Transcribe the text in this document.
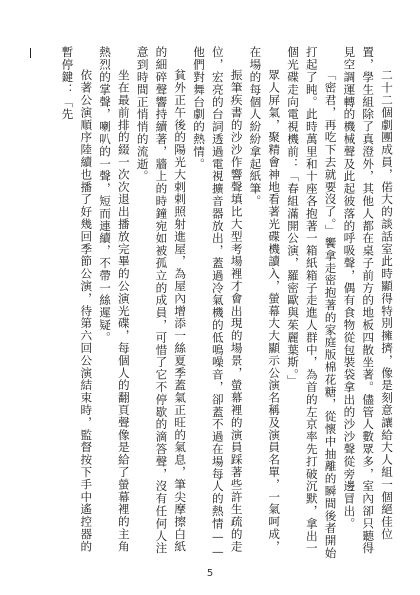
二十二個劇團成員，偌大的談話室此時顯得特別擁擠，像是刻意讓給大人組一個絕佳位置，學生組除了真澄外，其他人都在桌子前方的地板四散坐著。儘管人數眾多，室內卻只聽得見空調運轉的機械聲及此起彼落的呼吸聲，偶有食物從包裝袋拿出的沙沙聲從旁邊冒出。

「密君，再吃下去就要沒了。」饗拿走密抱著的家庭版棉花糖，從懷中抽離的瞬間後者開始打起了盹。此時萬里和十座各抱著一箱紙箱子走進人群中，為首的左京率先打破沉默，拿出一個光碟走向電視機前：「春組滿開公演，羅密歐與茱麗葉斯。」

眾人屏氣，聚精會神地看著光碟機讀入，螢幕大大顯示公演名稱及演員名單，一氣呵成，在場的每個人紛紛拿起紙筆。

振筆疾書的沙沙作響聲填比大型考場裡才會出現的場景，螢幕裡的演員踩著些許生疏的走位，宏亮的台詞透過電視擴音器放出，蓋過冷氣機的低鳴噪音，卻蓋不過在場每人的熱情——他們對舞台劇的熱情。

貧外正午後的陽光大剌剌照射進屋，為屋內增添一絲夏季蓋氣正旺的氣息，筆尖摩擦白紙的細碎聲響持續著，牆上的時鐘宛如被孤立的成員，可惜了它不停歇的滴答聲，沒有任何人注意到時間正悄悄的流逝。

坐在最前排的綴一次次退出播放完畢的公演光碟，每個人的翻頁聲像是給了螢幕裡的主角熱烈的掌聲，喇叭的一聲，短而連續，不帶一絲遲疑。

依著公演順序陸續也播了好幾回季節公演，待第六回公演結束時，監督按下手中遙控器的暫停鍵：「先

5
